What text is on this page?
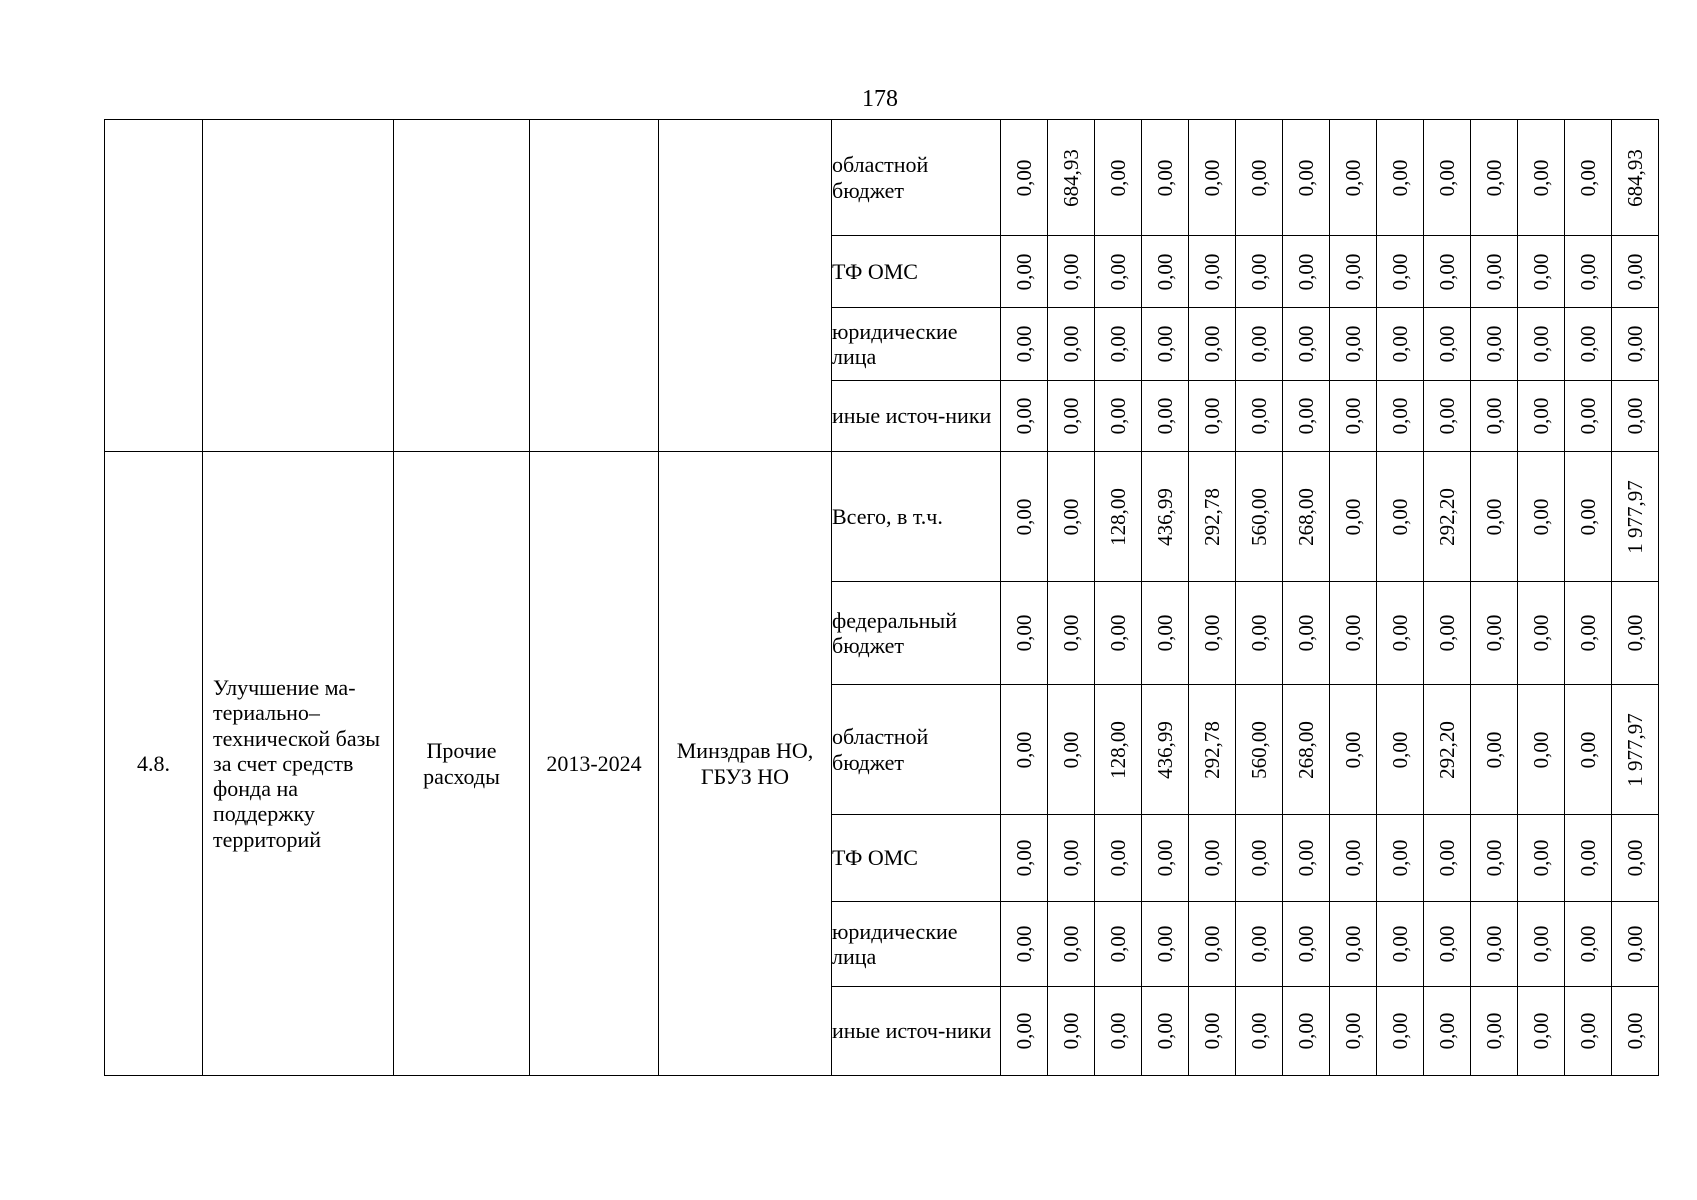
178
					областной бюджет	0,00	684,93	0,00	0,00	0,00	0,00	0,00	0,00	0,00	0,00	0,00	0,00	0,00	684,93

					ТФ ОМС	0,00	0,00	0,00	0,00	0,00	0,00	0,00	0,00	0,00	0,00	0,00	0,00	0,00	0,00

					юридические лица	0,00	0,00	0,00	0,00	0,00	0,00	0,00	0,00	0,00	0,00	0,00	0,00	0,00	0,00

					иные источ-ники	0,00	0,00	0,00	0,00	0,00	0,00	0,00	0,00	0,00	0,00	0,00	0,00	0,00	0,00

4.8.	Улучшение ма-териально–технической базы за счет средств фонда на поддержку территорий	Прочие расходы	2013-2024	Минздрав НО, ГБУЗ НО	Всего, в т.ч.	0,00	0,00	128,00	436,99	292,78	560,00	268,00	0,00	0,00	292,20	0,00	0,00	0,00	1 977,97

					федеральный бюджет	0,00	0,00	0,00	0,00	0,00	0,00	0,00	0,00	0,00	0,00	0,00	0,00	0,00	0,00

					областной бюджет	0,00	0,00	128,00	436,99	292,78	560,00	268,00	0,00	0,00	292,20	0,00	0,00	0,00	1 977,97

					ТФ ОМС	0,00	0,00	0,00	0,00	0,00	0,00	0,00	0,00	0,00	0,00	0,00	0,00	0,00	0,00

					юридические лица	0,00	0,00	0,00	0,00	0,00	0,00	0,00	0,00	0,00	0,00	0,00	0,00	0,00	0,00

					иные источ-ники	0,00	0,00	0,00	0,00	0,00	0,00	0,00	0,00	0,00	0,00	0,00	0,00	0,00	0,00
